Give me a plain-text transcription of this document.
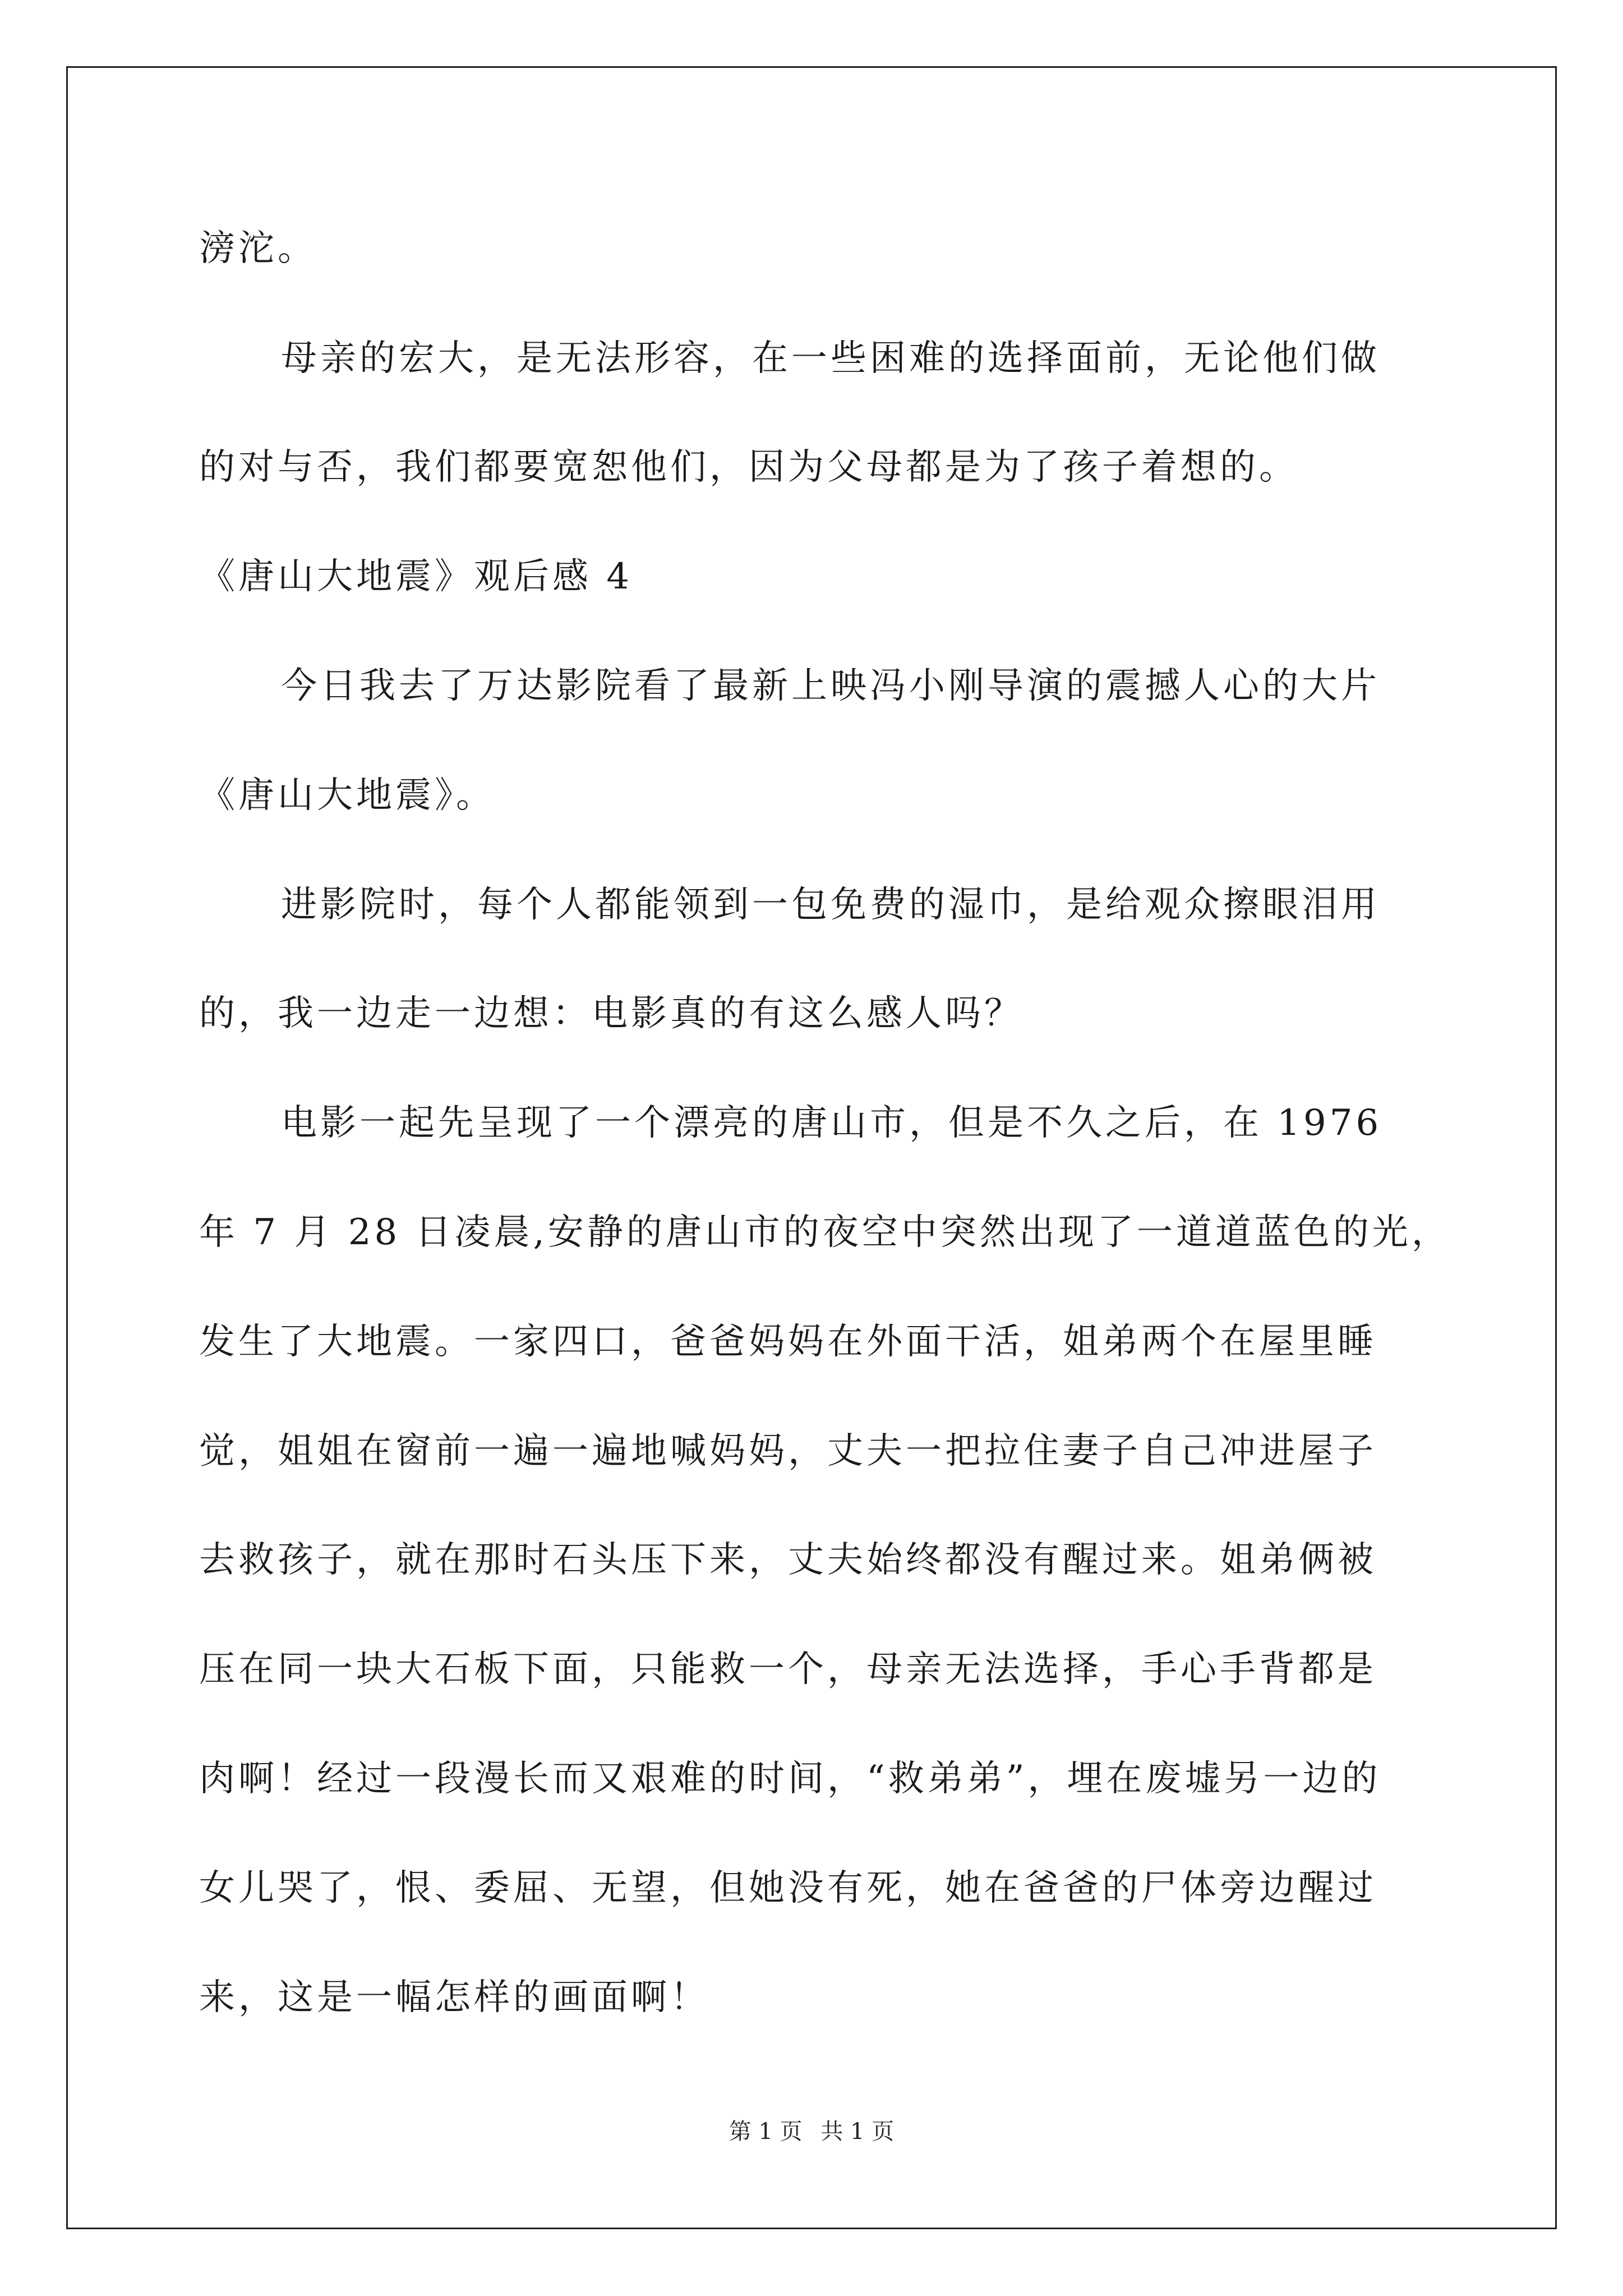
滂沱。

母亲的宏大，是无法形容，在一些困难的选择面前，无论他们做

的对与否，我们都要宽恕他们，因为父母都是为了孩子着想的。

《唐山大地震》观后感 4

今日我去了万达影院看了最新上映冯小刚导演的震撼人心的大片

《唐山大地震》。

进影院时，每个人都能领到一包免费的湿巾，是给观众擦眼泪用

的，我一边走一边想：电影真的有这么感人吗？

电影一起先呈现了一个漂亮的唐山市，但是不久之后，在 1976

年 7 月 28 日凌晨,安静的唐山市的夜空中突然出现了一道道蓝色的光，

发生了大地震。一家四口，爸爸妈妈在外面干活，姐弟两个在屋里睡

觉，姐姐在窗前一遍一遍地喊妈妈，丈夫一把拉住妻子自己冲进屋子

去救孩子，就在那时石头压下来，丈夫始终都没有醒过来。姐弟俩被

压在同一块大石板下面，只能救一个，母亲无法选择，手心手背都是

肉啊！经过一段漫长而又艰难的时间，“救弟弟”，埋在废墟另一边的

女儿哭了，恨、委屈、无望，但她没有死，她在爸爸的尸体旁边醒过

来，这是一幅怎样的画面啊！

第 1 页 共 1 页
